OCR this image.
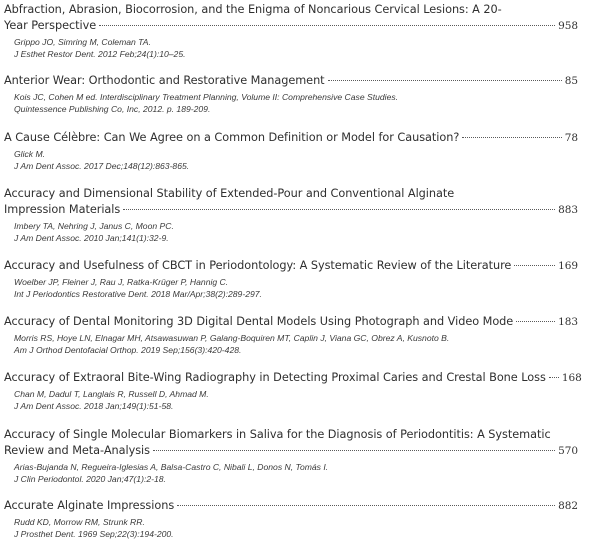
Abfraction, Abrasion, Biocorrosion, and the Enigma of Noncarious Cervical Lesions: A 20-
Year Perspective	958
Grippo JO, Simring M, Coleman TA.
J Esthet Restor Dent. 2012 Feb;24(1):10–25.
Anterior Wear: Orthodontic and Restorative Management	85
Kois JC, Cohen M ed. Interdisciplinary Treatment Planning, Volume II: Comprehensive Case Studies.
Quintessence Publishing Co, Inc, 2012. p. 189-209.
A Cause Célèbre: Can We Agree on a Common Definition or Model for Causation?	78
Glick M.
J Am Dent Assoc. 2017 Dec;148(12):863-865.
Accuracy and Dimensional Stability of Extended-Pour and Conventional Alginate
Impression Materials	883
Imbery TA, Nehring J, Janus C, Moon PC.
J Am Dent Assoc. 2010 Jan;141(1):32-9.
Accuracy and Usefulness of CBCT in Periodontology: A Systematic Review of the Literature	169
Woelber JP, Fleiner J, Rau J, Ratka-Krüger P, Hannig C.
Int J Periodontics Restorative Dent. 2018 Mar/Apr;38(2):289-297.
Accuracy of Dental Monitoring 3D Digital Dental Models Using Photograph and Video Mode	183
Morris RS, Hoye LN, Elnagar MH, Atsawasuwan P, Galang-Boquiren MT, Caplin J, Viana GC, Obrez A, Kusnoto B.
Am J Orthod Dentofacial Orthop. 2019 Sep;156(3):420-428.
Accuracy of Extraoral Bite-Wing Radiography in Detecting Proximal Caries and Crestal Bone Loss 168
Chan M, Dadul T, Langlais R, Russell D, Ahmad M.
J Am Dent Assoc. 2018 Jan;149(1):51-58.
Accuracy of Single Molecular Biomarkers in Saliva for the Diagnosis of Periodontitis: A Systematic
Review and Meta-Analysis	570
Arias-Bujanda N, Regueira-Iglesias A, Balsa-Castro C, Nibali L, Donos N, Tomás I.
J Clin Periodontol. 2020 Jan;47(1):2-18.
Accurate Alginate Impressions	882
Rudd KD, Morrow RM, Strunk RR.
J Prosthet Dent. 1969 Sep;22(3):194-200.
